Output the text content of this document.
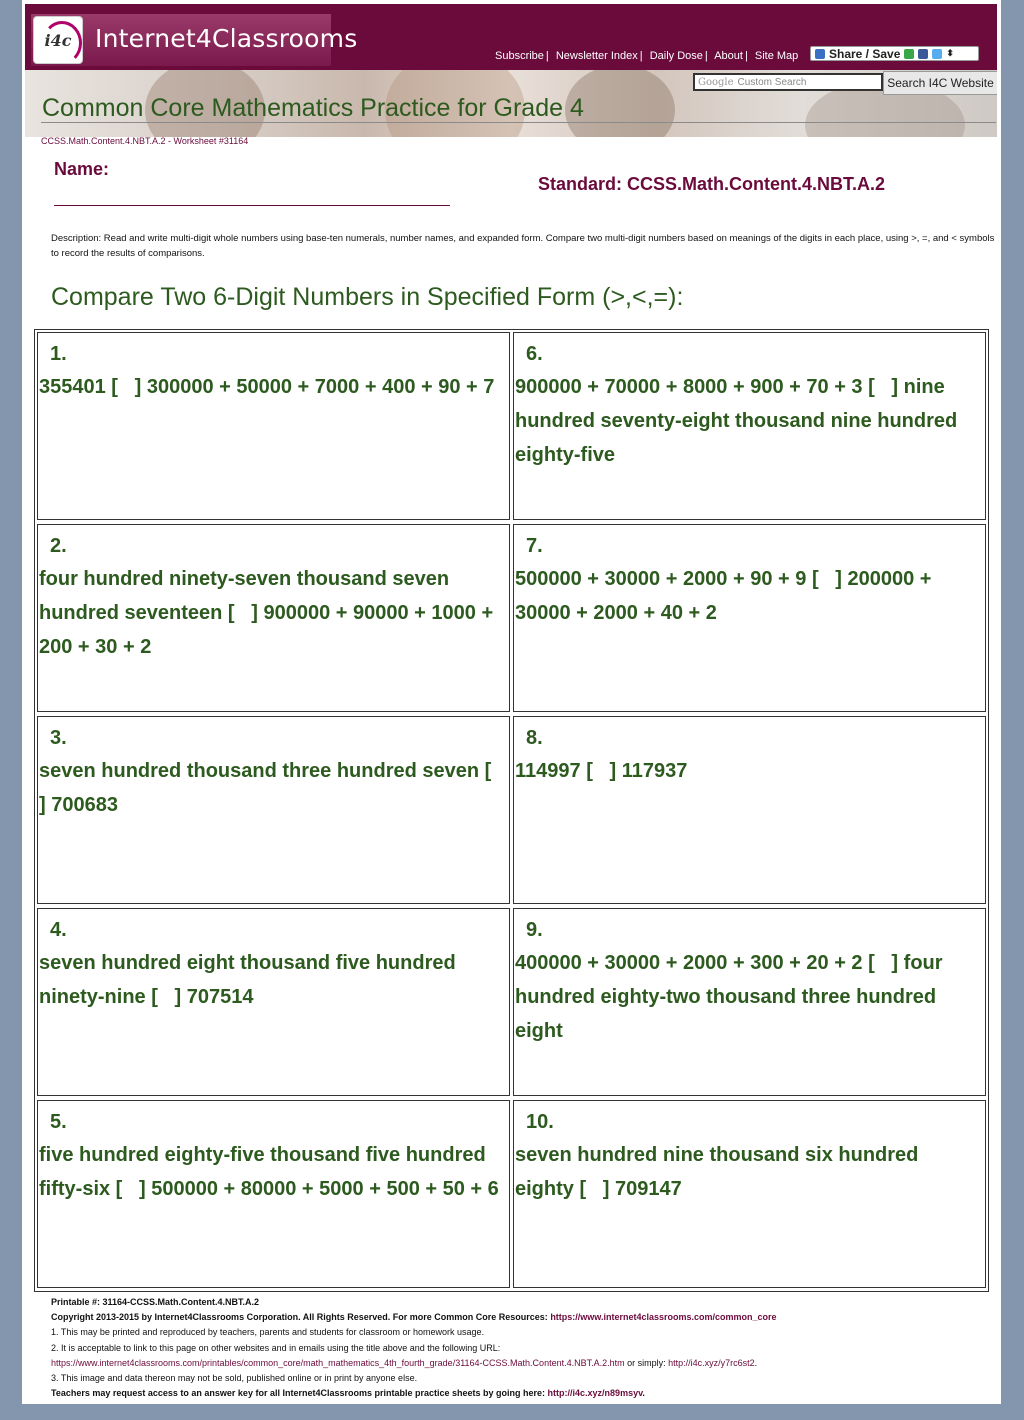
i4c Internet4Classrooms
Subscribe | Newsletter Index | Daily Dose | About | Site Map	Share / Save	⬍
Google Custom Search	Search I4C Website
Common Core Mathematics Practice for Grade 4
CCSS.Math.Content.4.NBT.A.2 - Worksheet #31164
Name:
Standard: CCSS.Math.Content.4.NBT.A.2
Description: Read and write multi-digit whole numbers using base-ten numerals, number names, and expanded form. Compare two multi-digit numbers based on meanings of the digits in each place, using >, =, and < symbols to record the results of comparisons.
Compare Two 6-Digit Numbers in Specified Form (>,<,=):
1.
355401 [   ] 300000 + 50000 + 7000 + 400 + 90 + 7
2.
four hundred ninety-seven thousand seven hundred seventeen [   ] 900000 + 90000 + 1000 + 200 + 30 + 2
3.
seven hundred thousand three hundred seven [   ] 700683
4.
seven hundred eight thousand five hundred ninety-nine [   ] 707514
5.
five hundred eighty-five thousand five hundred fifty-six [   ] 500000 + 80000 + 5000 + 500 + 50 + 6
6.
900000 + 70000 + 8000 + 900 + 70 + 3 [   ] nine hundred seventy-eight thousand nine hundred eighty-five
7.
500000 + 30000 + 2000 + 90 + 9 [   ] 200000 + 30000 + 2000 + 40 + 2
8.
114997 [   ] 117937
9.
400000 + 30000 + 2000 + 300 + 20 + 2 [   ] four hundred eighty-two thousand three hundred eight
10.
seven hundred nine thousand six hundred eighty [   ] 709147
Printable #: 31164-CCSS.Math.Content.4.NBT.A.2
Copyright 2013-2015 by Internet4Classrooms Corporation. All Rights Reserved. For more Common Core Resources: https://www.internet4classrooms.com/common_core
1. This may be printed and reproduced by teachers, parents and students for classroom or homework usage.
2. It is acceptable to link to this page on other websites and in emails using the title above and the following URL:
https://www.internet4classrooms.com/printables/common_core/math_mathematics_4th_fourth_grade/31164-CCSS.Math.Content.4.NBT.A.2.htm or simply: http://i4c.xyz/y7rc6st2.
3. This image and data thereon may not be sold, published online or in print by anyone else.
Teachers may request access to an answer key for all Internet4Classrooms printable practice sheets by going here: http://i4c.xyz/n89msyv.
